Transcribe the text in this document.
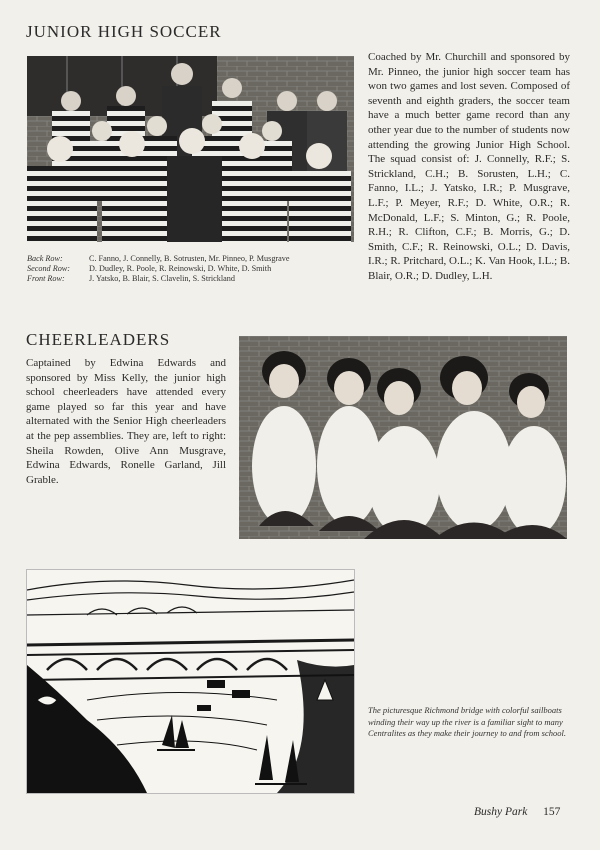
JUNIOR HIGH SOCCER
Back Row:	C. Fanno, J. Connelly, B. Sotrusten, Mr. Pinneo, P. Musgrave
Second Row:	D. Dudley, R. Poole, R. Reinowski, D. White, D. Smith
Front Row:	J. Yatsko, B. Blair, S. Clavelin, S. Strickland

Coached by Mr. Churchill and sponsored by Mr. Pinneo, the junior high soccer team has won two games and lost seven. Composed of seventh and eighth graders, the soccer team have a much better game record than any other year due to the number of students now attending the growing Junior High School. The squad consist of: J. Connelly, R.F.; S. Strickland, C.H.; B. Sorusten, L.H.; C. Fanno, I.L.; J. Yatsko, I.R.; P. Musgrave, L.F.; P. Meyer, R.F.; D. White, O.R.; R. McDonald, L.F.; S. Minton, G.; R. Poole, R.H.; R. Clifton, C.F.; B. Morris, G.; D. Smith, C.F.; R. Reinowski, O.L.; D. Davis, I.R.; R. Pritchard, O.L.; K. Van Hook, I.L.; B. Blair, O.R.; D. Dudley, L.H.

CHEERLEADERS

Captained by Edwina Edwards and sponsored by Miss Kelly, the junior high school cheerleaders have attended every game played so far this year and have alternated with the Senior High cheerleaders at the pep assemblies. They are, left to right: Sheila Rowden, Olive Ann Musgrave, Edwina Edwards, Ronelle Garland, Jill Grable.

The picturesque Richmond bridge with colorful sailboats winding their way up the river is a familiar sight to many Centralites as they make their journey to and from school.

Bushy Park 157
